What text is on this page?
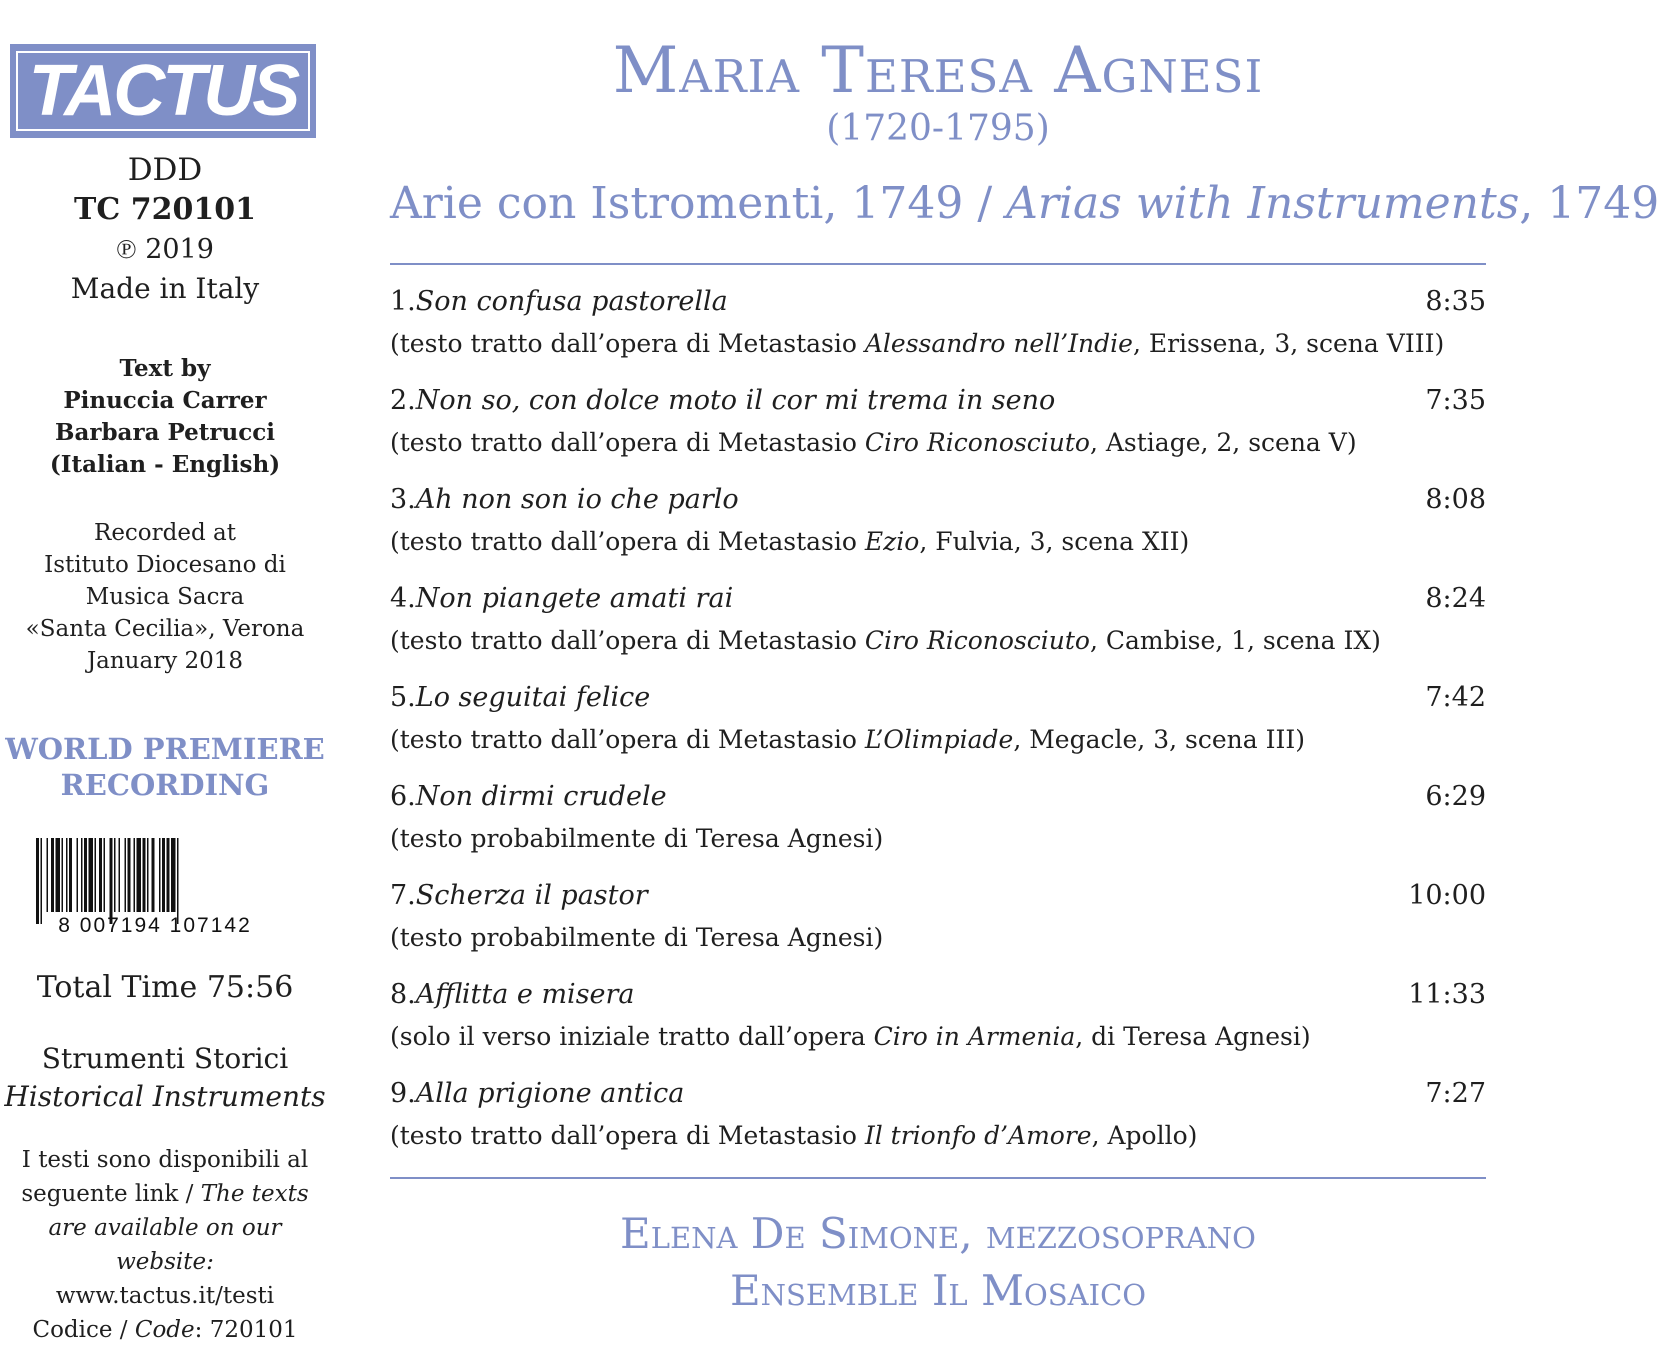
TACTUS
DDD
TC 720101
℗ 2019
Made in Italy
Text by
Pinuccia Carrer
Barbara Petrucci
(Italian - English)
Recorded at
Istituto Diocesano di
Musica Sacra
«Santa Cecilia», Verona
January 2018
WORLD PREMIERE
RECORDING
8 007194 107142
Total Time 75:56
Strumenti Storici
Historical Instruments
I testi sono disponibili al
seguente link / The texts
are available on our website:
www.tactus.it/testi
Codice / Code: 720101
Maria Teresa Agnesi
(1720-1795)
Arie con Istromenti, 1749 / Arias with Instruments, 1749
1.Son confusa pastorella	8:35
(testo tratto dall’opera di Metastasio Alessandro nell’Indie, Erissena, 3, scena VIII)
2.Non so, con dolce moto il cor mi trema in seno	7:35
(testo tratto dall’opera di Metastasio Ciro Riconosciuto, Astiage, 2, scena V)
3.Ah non son io che parlo	8:08
(testo tratto dall’opera di Metastasio Ezio, Fulvia, 3, scena XII)
4.Non piangete amati rai	8:24
(testo tratto dall’opera di Metastasio Ciro Riconosciuto, Cambise, 1, scena IX)
5.Lo seguitai felice	7:42
(testo tratto dall’opera di Metastasio L’Olimpiade, Megacle, 3, scena III)
6.Non dirmi crudele	6:29
(testo probabilmente di Teresa Agnesi)
7.Scherza il pastor	10:00
(testo probabilmente di Teresa Agnesi)
8.Afflitta e misera	11:33
(solo il verso iniziale tratto dall’opera Ciro in Armenia, di Teresa Agnesi)
9.Alla prigione antica	7:27
(testo tratto dall’opera di Metastasio Il trionfo d’Amore, Apollo)
Elena De Simone, mezzosoprano
Ensemble Il Mosaico
